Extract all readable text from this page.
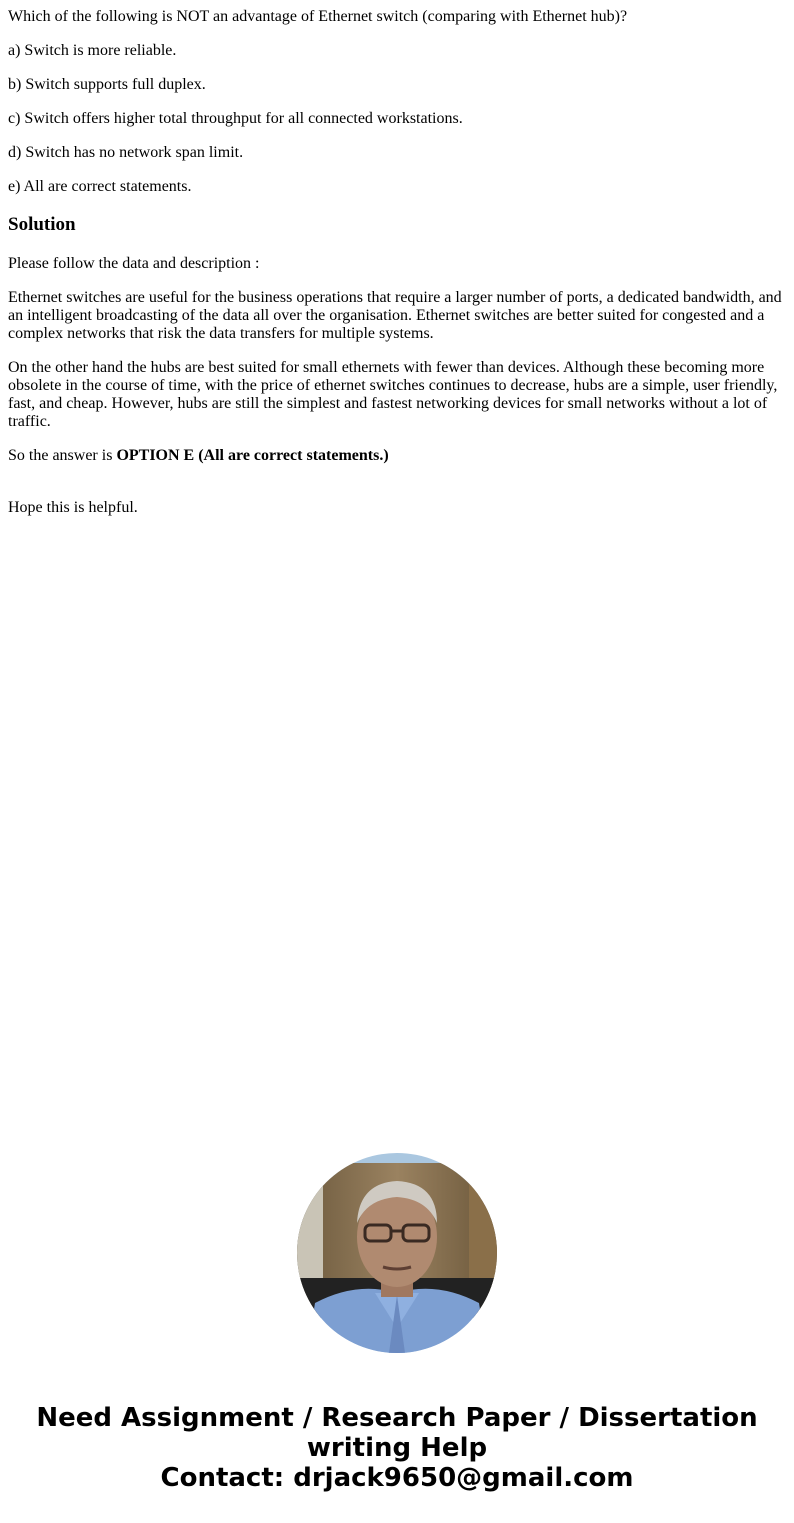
Which of the following is NOT an advantage of Ethernet switch (comparing with Ethernet hub)?

a) Switch is more reliable.

b) Switch supports full duplex.

c) Switch offers higher total throughput for all connected workstations.

d) Switch has no network span limit.

e) All are correct statements.

Solution

Please follow the data and description :

Ethernet switches are useful for the business operations that require a larger number of ports, a dedicated bandwidth, and an intelligent broadcasting of the data all over the organisation. Ethernet switches are better suited for congested and a complex networks that risk the data transfers for multiple systems.

On the other hand the hubs are best suited for small ethernets with fewer than devices. Although these becoming more obsolete in the course of time, with the price of ethernet switches continues to decrease, hubs are a simple, user friendly, fast, and cheap. However, hubs are still the simplest and fastest networking devices for small networks without a lot of traffic.

So the answer is OPTION E (All are correct statements.)

Hope this is helpful.

Need Assignment / Research Paper / Dissertation
writing Help
Contact: drjack9650@gmail.com
